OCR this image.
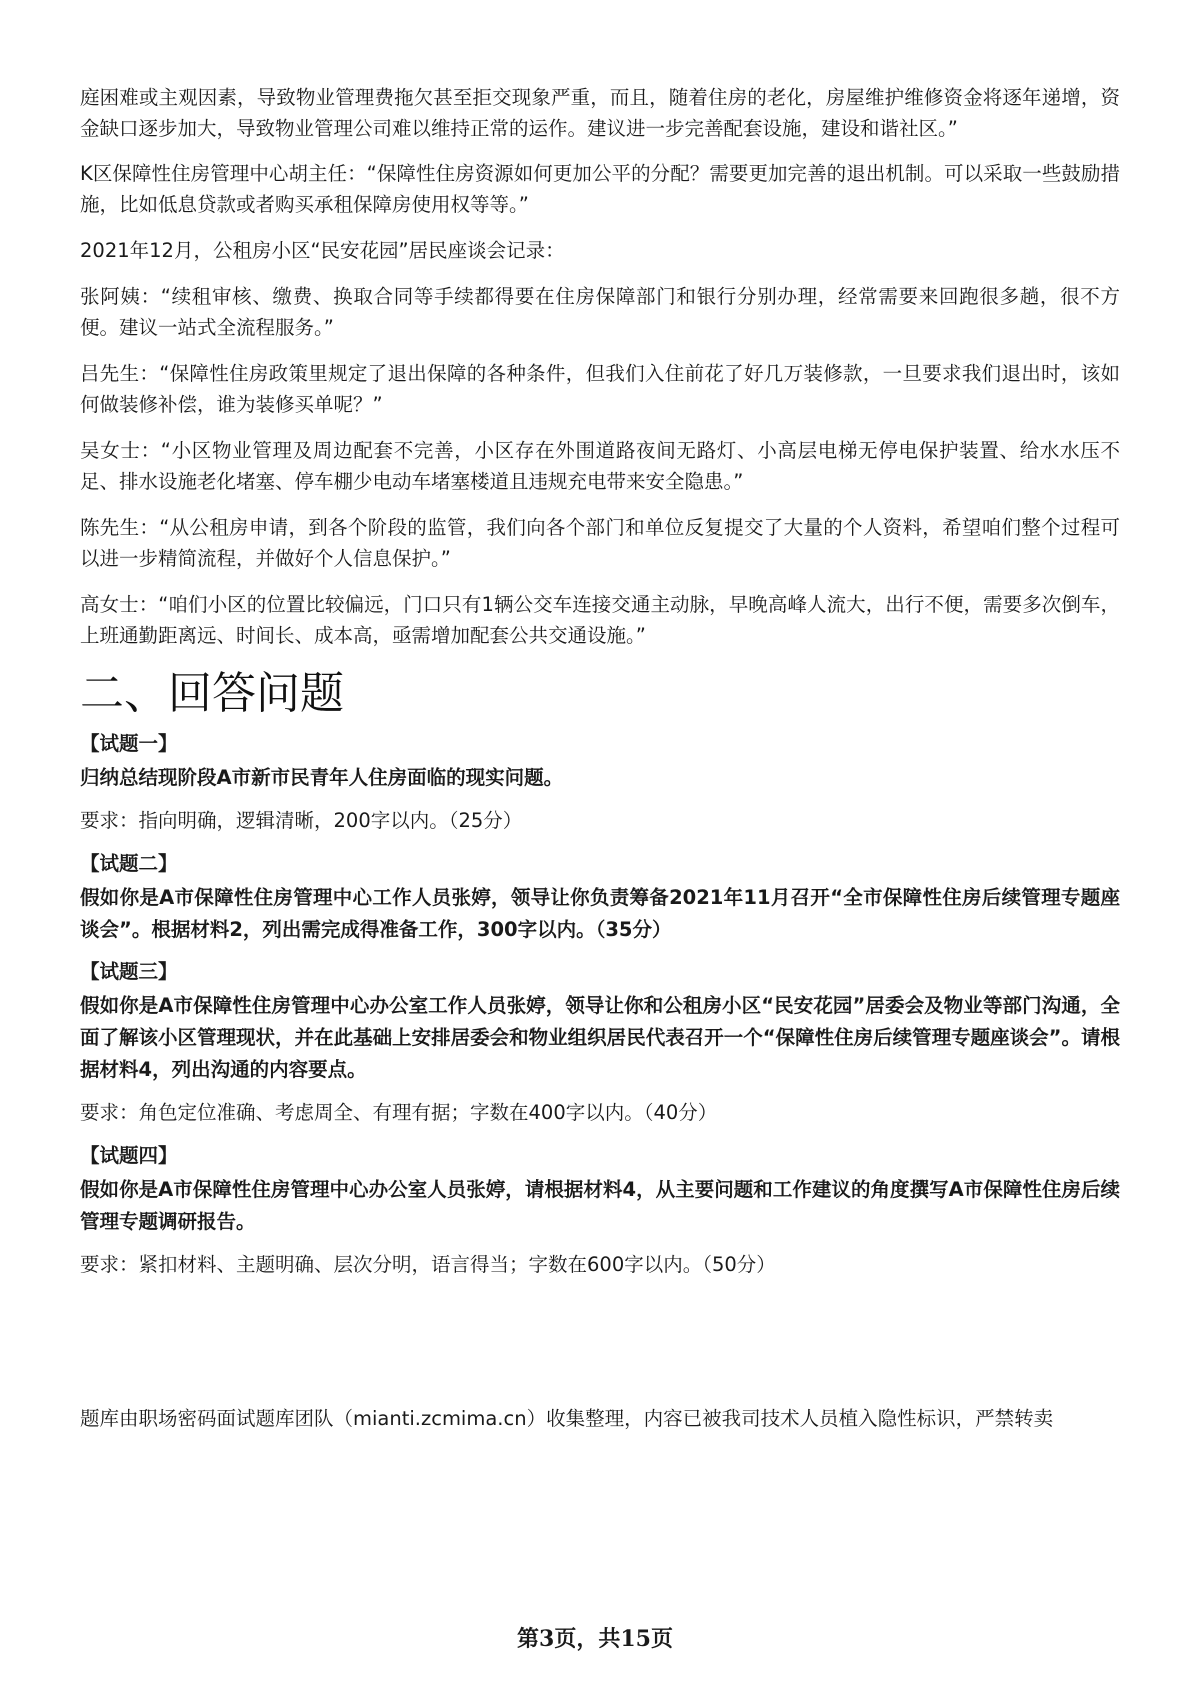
庭困难或主观因素，导致物业管理费拖欠甚至拒交现象严重，而且，随着住房的老化，房屋维护维修资金将逐年递增，资金缺口逐步加大，导致物业管理公司难以维持正常的运作。建议进一步完善配套设施，建设和谐社区。”

K区保障性住房管理中心胡主任：“保障性住房资源如何更加公平的分配？需要更加完善的退出机制。可以采取一些鼓励措施，比如低息贷款或者购买承租保障房使用权等等。”

2021年12月，公租房小区“民安花园”居民座谈会记录：

张阿姨：“续租审核、缴费、换取合同等手续都得要在住房保障部门和银行分别办理，经常需要来回跑很多趟，很不方便。建议一站式全流程服务。”

吕先生：“保障性住房政策里规定了退出保障的各种条件，但我们入住前花了好几万装修款，一旦要求我们退出时，该如何做装修补偿，谁为装修买单呢？”

吴女士：“小区物业管理及周边配套不完善，小区存在外围道路夜间无路灯、小高层电梯无停电保护装置、给水水压不足、排水设施老化堵塞、停车棚少电动车堵塞楼道且违规充电带来安全隐患。”

陈先生：“从公租房申请，到各个阶段的监管，我们向各个部门和单位反复提交了大量的个人资料，希望咱们整个过程可以进一步精简流程，并做好个人信息保护。”

高女士：“咱们小区的位置比较偏远，门口只有1辆公交车连接交通主动脉，早晚高峰人流大，出行不便，需要多次倒车，上班通勤距离远、时间长、成本高，亟需增加配套公共交通设施。”

二、回答问题

【试题一】

归纳总结现阶段A市新市民青年人住房面临的现实问题。

要求：指向明确，逻辑清晰，200字以内。（25分）

【试题二】

假如你是A市保障性住房管理中心工作人员张婷，领导让你负责筹备2021年11月召开“全市保障性住房后续管理专题座谈会”。根据材料2，列出需完成得准备工作，300字以内。（35分）

【试题三】

假如你是A市保障性住房管理中心办公室工作人员张婷，领导让你和公租房小区“民安花园”居委会及物业等部门沟通，全面了解该小区管理现状，并在此基础上安排居委会和物业组织居民代表召开一个“保障性住房后续管理专题座谈会”。请根据材料4，列出沟通的内容要点。

要求：角色定位准确、考虑周全、有理有据；字数在400字以内。（40分）

【试题四】

假如你是A市保障性住房管理中心办公室人员张婷，请根据材料4，从主要问题和工作建议的角度撰写A市保障性住房后续管理专题调研报告。

要求：紧扣材料、主题明确、层次分明，语言得当；字数在600字以内。（50分）

题库由职场密码面试题库团队（mianti.zcmima.cn）收集整理，内容已被我司技术人员植入隐性标识，严禁转卖
第3页，共15页
